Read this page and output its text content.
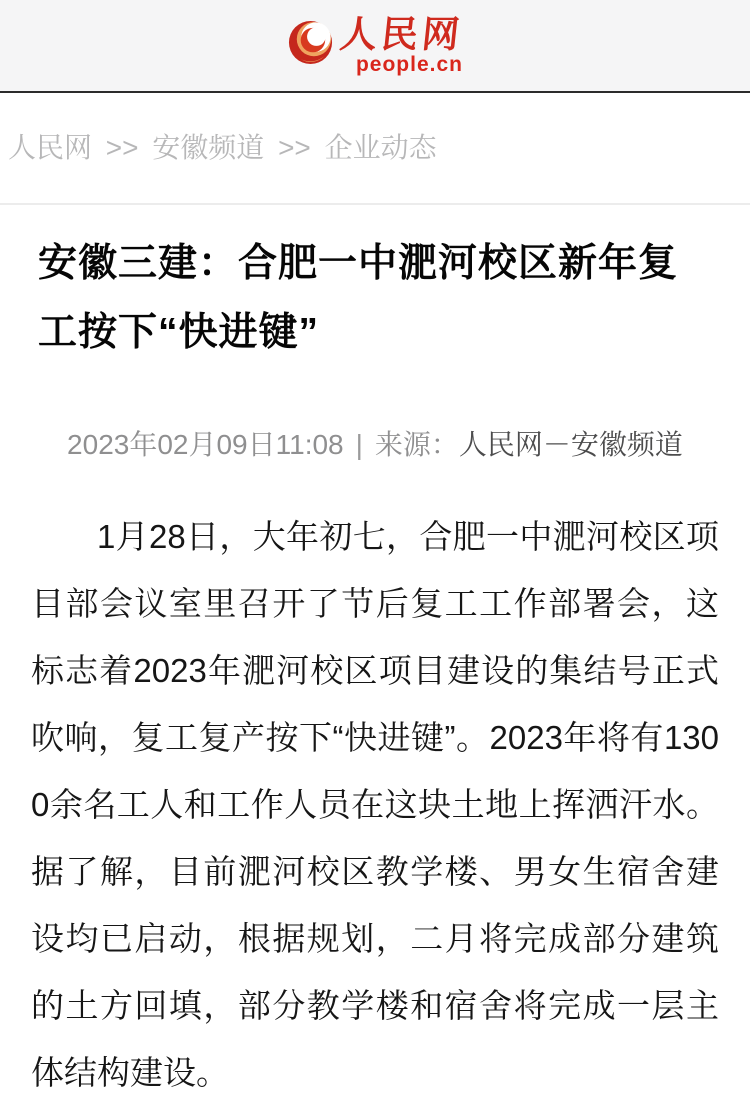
人民网
people.cn
人民网 >> 安徽频道 >> 企业动态
安徽三建：合肥一中淝河校区新年复工按下“快进键”
2023年02月09日11:08 | 来源：人民网－安徽频道

1月28日，大年初七，合肥一中淝河校区项目部会议室里召开了节后复工工作部署会，这标志着2023年淝河校区项目建设的集结号正式吹响，复工复产按下“快进键”。2023年将有1300余名工人和工作人员在这块土地上挥洒汗水。据了解，目前淝河校区教学楼、男女生宿舍建设均已启动，根据规划，二月将完成部分建筑的土方回填，部分教学楼和宿舍将完成一层主体结构建设。
